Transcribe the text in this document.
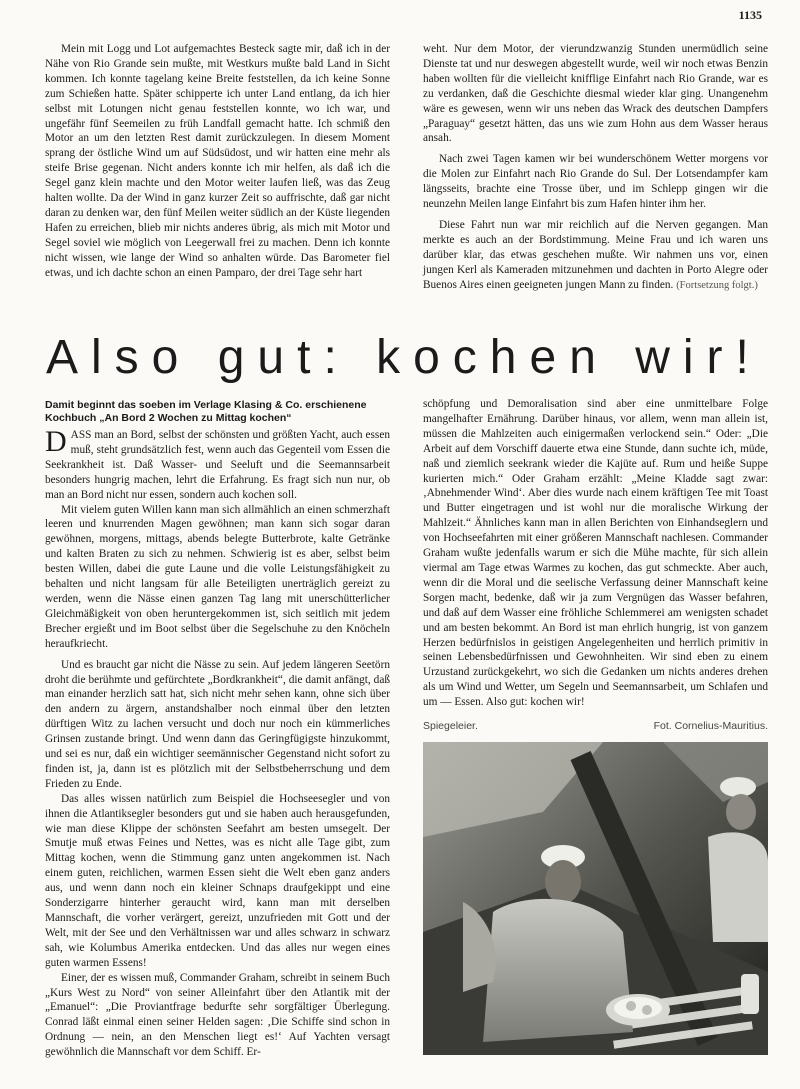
1135

Mein mit Logg und Lot aufgemachtes Besteck sagte mir, daß ich in der Nähe von Rio Grande sein mußte, mit Westkurs mußte bald Land in Sicht kommen. Ich konnte tagelang keine Breite feststellen, da ich keine Sonne zum Schießen hatte. Später schipperte ich unter Land entlang, da ich hier selbst mit Lotungen nicht genau feststellen konnte, wo ich war, und ungefähr fünf Seemeilen zu früh Landfall gemacht hatte. Ich schmiß den Motor an um den letzten Rest damit zurückzulegen. In diesem Moment sprang der östliche Wind um auf Südsüdost, und wir hatten eine mehr als steife Brise gegenan. Nicht anders konnte ich mir helfen, als daß ich die Segel ganz klein machte und den Motor weiter laufen ließ, was das Zeug halten wollte. Da der Wind in ganz kurzer Zeit so auffrischte, daß gar nicht daran zu denken war, den fünf Meilen weiter südlich an der Küste liegenden Hafen zu erreichen, blieb mir nichts anderes übrig, als mich mit Motor und Segel soviel wie möglich von Leegerwall frei zu machen. Denn ich konnte nicht wissen, wie lange der Wind so anhalten würde. Das Barometer fiel etwas, und ich dachte schon an einen Pamparo, der drei Tage sehr hart

weht. Nur dem Motor, der vierundzwanzig Stunden unermüdlich seine Dienste tat und nur deswegen abgestellt wurde, weil wir noch etwas Benzin haben wollten für die vielleicht knifflige Einfahrt nach Rio Grande, war es zu verdanken, daß die Geschichte diesmal wieder klar ging. Unangenehm wäre es gewesen, wenn wir uns neben das Wrack des deutschen Dampfers „Paraguay“ gesetzt hätten, das uns wie zum Hohn aus dem Wasser heraus ansah.

Nach zwei Tagen kamen wir bei wunderschönem Wetter morgens vor die Molen zur Einfahrt nach Rio Grande do Sul. Der Lotsendampfer kam längsseits, brachte eine Trosse über, und im Schlepp gingen wir die neunzehn Meilen lange Einfahrt bis zum Hafen hinter ihm her.

Diese Fahrt nun war mir reichlich auf die Nerven gegangen. Man merkte es auch an der Bordstimmung. Meine Frau und ich waren uns darüber klar, das etwas geschehen mußte. Wir nahmen uns vor, einen jungen Kerl als Kameraden mitzunehmen und dachten in Porto Alegre oder Buenos Aires einen geeigneten jungen Mann zu finden. (Fortsetzung folgt.)

Also gut: kochen wir!
Damit beginnt das soeben im Verlage Klasing & Co. erschienene Kochbuch „An Bord 2 Wochen zu Mittag kochen“

DASS man an Bord, selbst der schönsten und größten Yacht, auch essen muß, steht grundsätzlich fest, wenn auch das Gegenteil vom Essen die Seekrankheit ist. Daß Wasser- und Seeluft und die Seemannsarbeit besonders hungrig machen, lehrt die Erfahrung. Es fragt sich nun nur, ob man an Bord nicht nur essen, sondern auch kochen soll.

Mit vielem guten Willen kann man sich allmählich an einen schmerzhaft leeren und knurrenden Magen gewöhnen; man kann sich sogar daran gewöhnen, morgens, mittags, abends belegte Butterbrote, kalte Getränke und kalten Braten zu sich zu nehmen. Schwierig ist es aber, selbst beim besten Willen, dabei die gute Laune und die volle Leistungsfähigkeit zu behalten und nicht langsam für alle Beteiligten unerträglich gereizt zu werden, wenn die Nässe einen ganzen Tag lang mit unerschütterlicher Gleichmäßigkeit von oben heruntergekommen ist, sich seitlich mit jedem Brecher ergießt und im Boot selbst über die Segelschuhe zu den Knöcheln heraufkriecht.

Und es braucht gar nicht die Nässe zu sein. Auf jedem längeren Seetörn droht die berühmte und gefürchtete „Bordkrankheit“, die damit anfängt, daß man einander herzlich satt hat, sich nicht mehr sehen kann, ohne sich über den andern zu ärgern, anstandshalber noch einmal über den letzten dürftigen Witz zu lachen versucht und doch nur noch ein kümmerliches Grinsen zustande bringt. Und wenn dann das Geringfügigste hinzukommt, und sei es nur, daß ein wichtiger seemännischer Gegenstand nicht sofort zu finden ist, ja, dann ist es plötzlich mit der Selbstbeherrschung und dem Frieden zu Ende.

Das alles wissen natürlich zum Beispiel die Hochseesegler und von ihnen die Atlantiksegler besonders gut und sie haben auch herausgefunden, wie man diese Klippe der schönsten Seefahrt am besten umsegelt. Der Smutje muß etwas Feines und Nettes, was es nicht alle Tage gibt, zum Mittag kochen, wenn die Stimmung ganz unten angekommen ist. Nach einem guten, reichlichen, warmen Essen sieht die Welt eben ganz anders aus, und wenn dann noch ein kleiner Schnaps draufgekippt und eine Sonderzigarre hinterher geraucht wird, kann man mit derselben Mannschaft, die vorher verärgert, gereizt, unzufrieden mit Gott und der Welt, mit der See und den Verhältnissen war und alles schwarz in schwarz sah, wie Kolumbus Amerika entdecken. Und das alles nur wegen eines guten warmen Essens!

Einer, der es wissen muß, Commander Graham, schreibt in seinem Buch „Kurs West zu Nord“ von seiner Alleinfahrt über den Atlantik mit der „Emanuel“: „Die Proviantfrage bedurfte sehr sorgfältiger Überlegung. Conrad läßt einmal einen seiner Helden sagen: ‚Die Schiffe sind schon in Ordnung — nein, an den Menschen liegt es!‘ Auf Yachten versagt gewöhnlich die Mannschaft vor dem Schiff. Er-

schöpfung und Demoralisation sind aber eine unmittelbare Folge mangelhafter Ernährung. Darüber hinaus, vor allem, wenn man allein ist, müssen die Mahlzeiten auch einigermaßen verlockend sein.“ Oder: „Die Arbeit auf dem Vorschiff dauerte etwa eine Stunde, dann suchte ich, müde, naß und ziemlich seekrank wieder die Kajüte auf. Rum und heiße Suppe kurierten mich.“ Oder Graham erzählt: „Meine Kladde sagt zwar: ‚Abnehmender Wind‘. Aber dies wurde nach einem kräftigen Tee mit Toast und Butter eingetragen und ist wohl nur die moralische Wirkung der Mahlzeit.“ Ähnliches kann man in allen Berichten von Einhandseglern und von Hochseefahrten mit einer größeren Mannschaft nachlesen. Commander Graham wußte jedenfalls warum er sich die Mühe machte, für sich allein viermal am Tage etwas Warmes zu kochen, das gut schmeckte. Aber auch, wenn dir die Moral und die seelische Verfassung deiner Mannschaft keine Sorgen macht, bedenke, daß wir ja zum Vergnügen das Wasser befahren, und daß auf dem Wasser eine fröhliche Schlemmerei am wenigsten schadet und am besten bekommt. An Bord ist man ehrlich hungrig, ist von ganzem Herzen bedürfnislos in geistigen Angelegenheiten und herrlich primitiv in seinen Lebensbedürfnissen und Gewohnheiten. Wir sind eben zu einem Urzustand zurückgekehrt, wo sich die Gedanken um nichts anderes drehen als um Wind und Wetter, um Segeln und Seemannsarbeit, um Schlafen und um — Essen. Also gut: kochen wir!

Spiegeleier.	Fot. Cornelius-Mauritius.
